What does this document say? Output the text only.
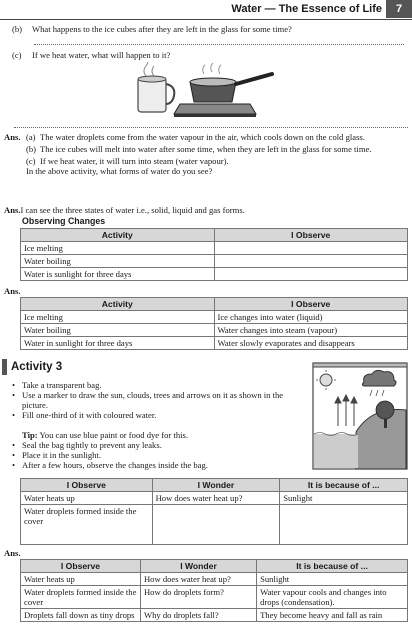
Water — The Essence of Life	7
(b) What happens to the ice cubes after they are left in the glass for some time?
(c) If we heat water, what will happen to it?
Ans. (a) The water droplets come from the water vapour in the air, which cools down on the cold glass.
(b) The ice cubes will melt into water after some time, when they are left in the glass for some time.
(c) If we heat water, it will turn into steam (water vapour).
In the above activity, what forms of water do you see?
Ans.I can see the three states of water i.e., solid, liquid and gas forms.
Observing Changes
Activity	I Observe
Ice melting	
Water boiling	
Water is sunlight for three days	
Ans.
Activity	I Observe
Ice melting	Ice changes into water (liquid)
Water boiling	Water changes into steam (vapour)
Water in sunlight for three days	Water slowly evaporates and disappears
Activity 3
• Take a transparent bag.
• Use a marker to draw the sun, clouds, trees and arrows on it as shown in the picture.
• Fill one-third of it with coloured water.
Tip: You can use blue paint or food dye for this.
• Seal the bag tightly to prevent any leaks.
• Place it in the sunlight.
• After a few hours, observe the changes inside the bag.
I Observe	I Wonder	It is because of ...
Water heats up	How does water heat up?	Sunlight
Water droplets formed inside the cover		
Ans.
I Observe	I Wonder	It is because of ...
Water heats up	How does water heat up?	Sunlight
Water droplets formed inside the cover	How do droplets form?	Water vapour cools and changes into drops (condensation).
Droplets fall down as tiny drops	Why do droplets fall?	They become heavy and fall as rain
